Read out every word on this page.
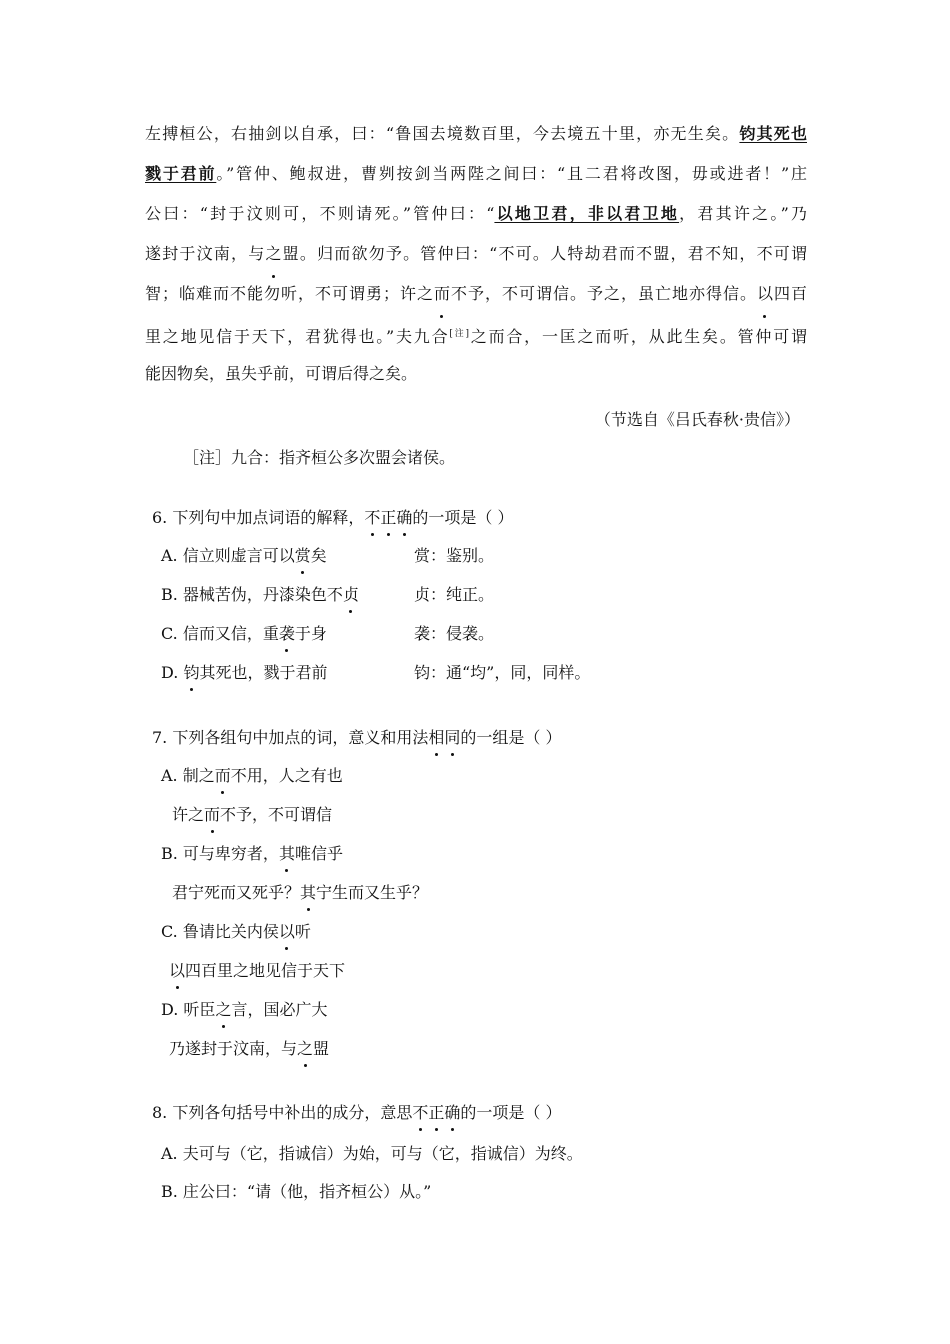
左搏桓公，右抽剑以自承，曰：“鲁国去境数百里，今去境五十里，亦无生矣。钧其死也
戮于君前。”管仲、鲍叔进，曹刿按剑当两陛之间曰：“且二君将改图，毋或进者！”庄
公曰：“封于汶则可，不则请死。”管仲曰：“以地卫君，非以君卫地，君其许之。”乃
遂封于汶南，与之盟。归而欲勿予。管仲曰：“不可。人特劫君而不盟，君不知，不可谓
智；临难而不能勿听，不可谓勇；许之而不予，不可谓信。予之，虽亡地亦得信。以四百
里之地见信于天下，君犹得也。”夫九合[注]之而合，一匡之而听，从此生矣。管仲可谓
能因物矣，虽失乎前，可谓后得之矣。
（节选自《吕氏春秋·贵信》）
［注］九合：指齐桓公多次盟会诸侯。
6. 下列句中加点词语的解释，不正确的一项是（ ）
A. 信立则虚言可以赏矣	赏：鉴别。
B. 器械苦伪，丹漆染色不贞	贞：纯正。
C. 信而又信，重袭于身	袭：侵袭。
D. 钧其死也，戮于君前	钧：通“均”，同，同样。
7. 下列各组句中加点的词，意义和用法相同的一组是（ ）
A. 制之而不用，人之有也
许之而不予，不可谓信
B. 可与卑穷者，其唯信乎
君宁死而又死乎？其宁生而又生乎？
C. 鲁请比关内侯以听
以四百里之地见信于天下
D. 听臣之言，国必广大
乃遂封于汶南，与之盟
8. 下列各句括号中补出的成分，意思不正确的一项是（ ）
A. 夫可与（它，指诚信）为始，可与（它，指诚信）为终。
B. 庄公曰：“请（他，指齐桓公）从。”
